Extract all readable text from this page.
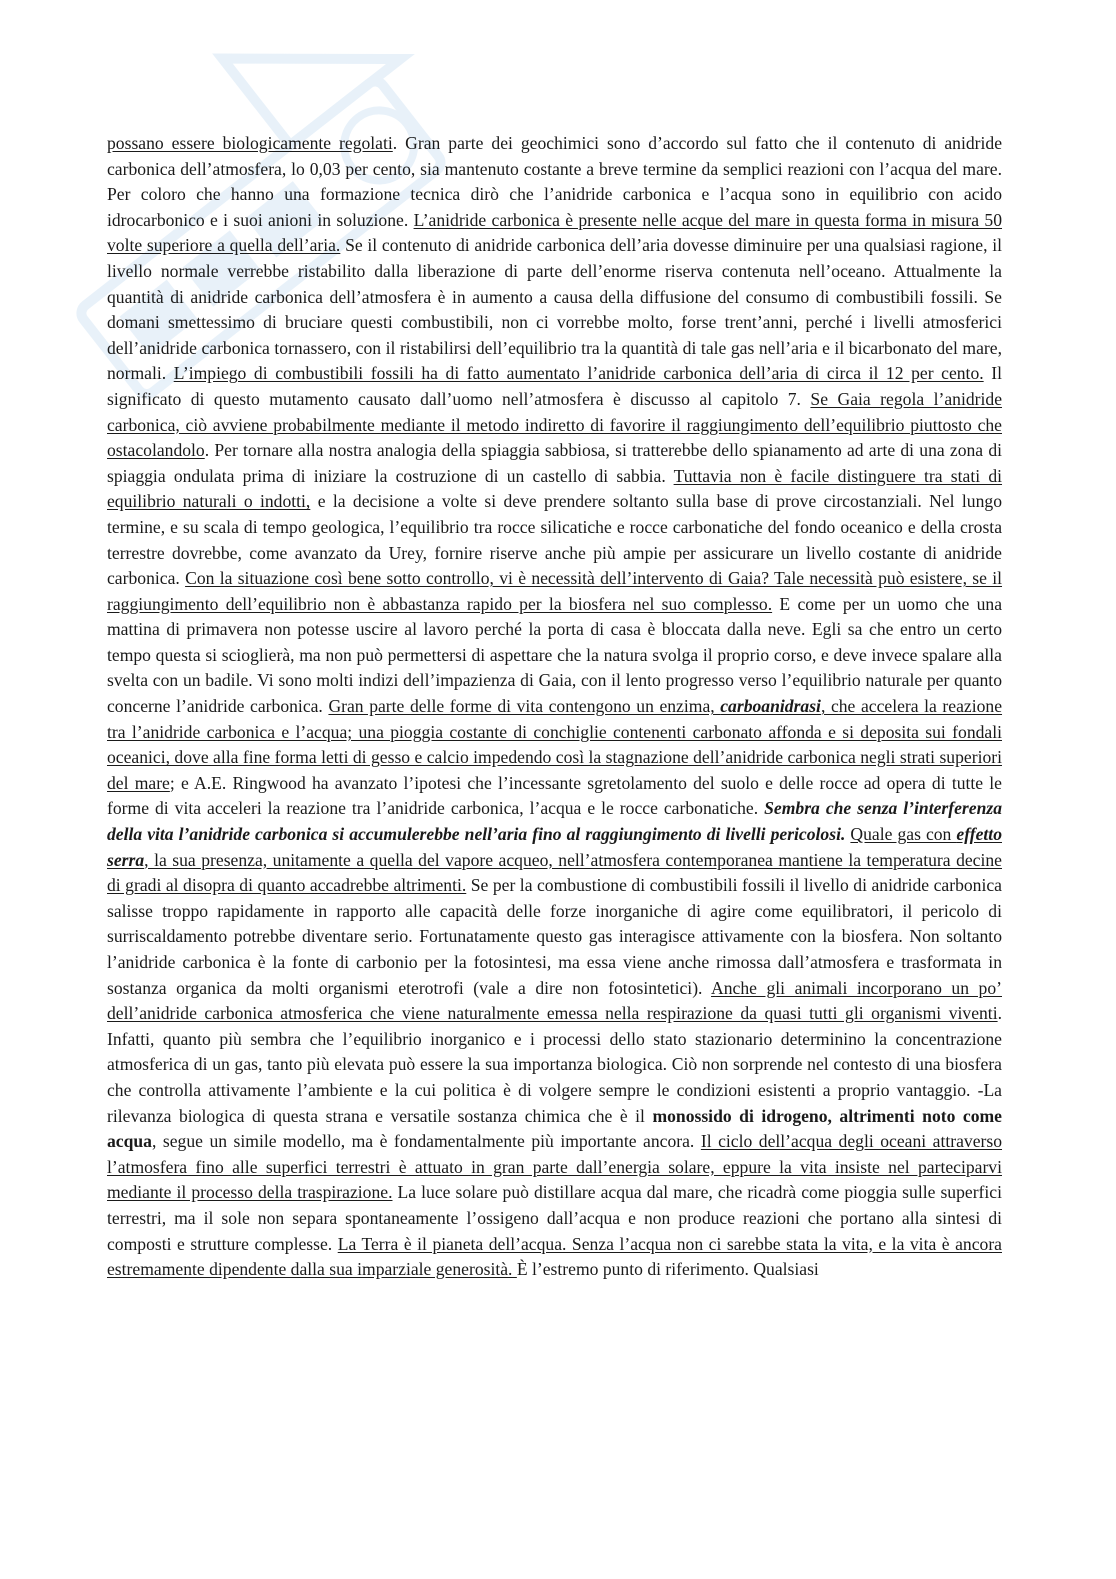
possano essere biologicamente regolati. Gran parte dei geochimici sono d’accordo sul fatto che il contenuto di anidride carbonica dell’atmosfera, lo 0,03 per cento, sia mantenuto costante a breve termine da semplici reazioni con l’acqua del mare. Per coloro che hanno una formazione tecnica dirò che l’anidride carbonica e l’acqua sono in equilibrio con acido idrocarbonico e i suoi anioni in soluzione. L’anidride carbonica è presente nelle acque del mare in questa forma in misura 50 volte superiore a quella dell’aria. Se il contenuto di anidride carbonica dell’aria dovesse diminuire per una qualsiasi ragione, il livello normale verrebbe ristabilito dalla liberazione di parte dell’enorme riserva contenuta nell’oceano. Attualmente la quantità di anidride carbonica dell’atmosfera è in aumento a causa della diffusione del consumo di combustibili fossili. Se domani smettessimo di bruciare questi combustibili, non ci vorrebbe molto, forse trent’anni, perché i livelli atmosferici dell’anidride carbonica tornassero, con il ristabilirsi dell’equilibrio tra la quantità di tale gas nell’aria e il bicarbonato del mare, normali. L’impiego di combustibili fossili ha di fatto aumentato l’anidride carbonica dell’aria di circa il 12 per cento. Il significato di questo mutamento causato dall’uomo nell’atmosfera è discusso al capitolo 7. Se Gaia regola l’anidride carbonica, ciò avviene probabilmente mediante il metodo indiretto di favorire il raggiungimento dell’equilibrio piuttosto che ostacolandolo. Per tornare alla nostra analogia della spiaggia sabbiosa, si tratterebbe dello spianamento ad arte di una zona di spiaggia ondulata prima di iniziare la costruzione di un castello di sabbia. Tuttavia non è facile distinguere tra stati di equilibrio naturali o indotti, e la decisione a volte si deve prendere soltanto sulla base di prove circostanziali. Nel lungo termine, e su scala di tempo geologica, l’equilibrio tra rocce silicatiche e rocce carbonatiche del fondo oceanico e della crosta terrestre dovrebbe, come avanzato da Urey, fornire riserve anche più ampie per assicurare un livello costante di anidride carbonica. Con la situazione così bene sotto controllo, vi è necessità dell’intervento di Gaia? Tale necessità può esistere, se il raggiungimento dell’equilibrio non è abbastanza rapido per la biosfera nel suo complesso. E come per un uomo che una mattina di primavera non potesse uscire al lavoro perché la porta di casa è bloccata dalla neve. Egli sa che entro un certo tempo questa si scioglierà, ma non può permettersi di aspettare che la natura svolga il proprio corso, e deve invece spalare alla svelta con un badile. Vi sono molti indizi dell’impazienza di Gaia, con il lento progresso verso l’equilibrio naturale per quanto concerne l’anidride carbonica. Gran parte delle forme di vita contengono un enzima, carboanidrasi, che accelera la reazione tra l’anidride carbonica e l’acqua; una pioggia costante di conchiglie contenenti carbonato affonda e si deposita sui fondali oceanici, dove alla fine forma letti di gesso e calcio impedendo così la stagnazione dell’anidride carbonica negli strati superiori del mare; e A.E. Ringwood ha avanzato l’ipotesi che l’incessante sgretolamento del suolo e delle rocce ad opera di tutte le forme di vita acceleri la reazione tra l’anidride carbonica, l’acqua e le rocce carbonatiche. Sembra che senza l’interferenza della vita l’anidride carbonica si accumulerebbe nell’aria fino al raggiungimento di livelli pericolosi. Quale gas con effetto serra, la sua presenza, unitamente a quella del vapore acqueo, nell’atmosfera contemporanea mantiene la temperatura decine di gradi al disopra di quanto accadrebbe altrimenti. Se per la combustione di combustibili fossili il livello di anidride carbonica salisse troppo rapidamente in rapporto alle capacità delle forze inorganiche di agire come equilibratori, il pericolo di surriscaldamento potrebbe diventare serio. Fortunatamente questo gas interagisce attivamente con la biosfera. Non soltanto l’anidride carbonica è la fonte di carbonio per la fotosintesi, ma essa viene anche rimossa dall’atmosfera e trasformata in sostanza organica da molti organismi eterotrofi (vale a dire non fotosintetici). Anche gli animali incorporano un po’ dell’anidride carbonica atmosferica che viene naturalmente emessa nella respirazione da quasi tutti gli organismi viventi. Infatti, quanto più sembra che l’equilibrio inorganico e i processi dello stato stazionario determinino la concentrazione atmosferica di un gas, tanto più elevata può essere la sua importanza biologica. Ciò non sorprende nel contesto di una biosfera che controlla attivamente l’ambiente e la cui politica è di volgere sempre le condizioni esistenti a proprio vantaggio. -La rilevanza biologica di questa strana e versatile sostanza chimica che è il monossido di idrogeno, altrimenti noto come acqua, segue un simile modello, ma è fondamentalmente più importante ancora. Il ciclo dell’acqua degli oceani attraverso l’atmosfera fino alle superfici terrestri è attuato in gran parte dall’energia solare, eppure la vita insiste nel parteciparvi mediante il processo della traspirazione. La luce solare può distillare acqua dal mare, che ricadrà come pioggia sulle superfici terrestri, ma il sole non separa spontaneamente l’ossigeno dall’acqua e non produce reazioni che portano alla sintesi di composti e strutture complesse. La Terra è il pianeta dell’acqua. Senza l’acqua non ci sarebbe stata la vita, e la vita è ancora estremamente dipendente dalla sua imparziale generosità. È l’estremo punto di riferimento. Qualsiasi
